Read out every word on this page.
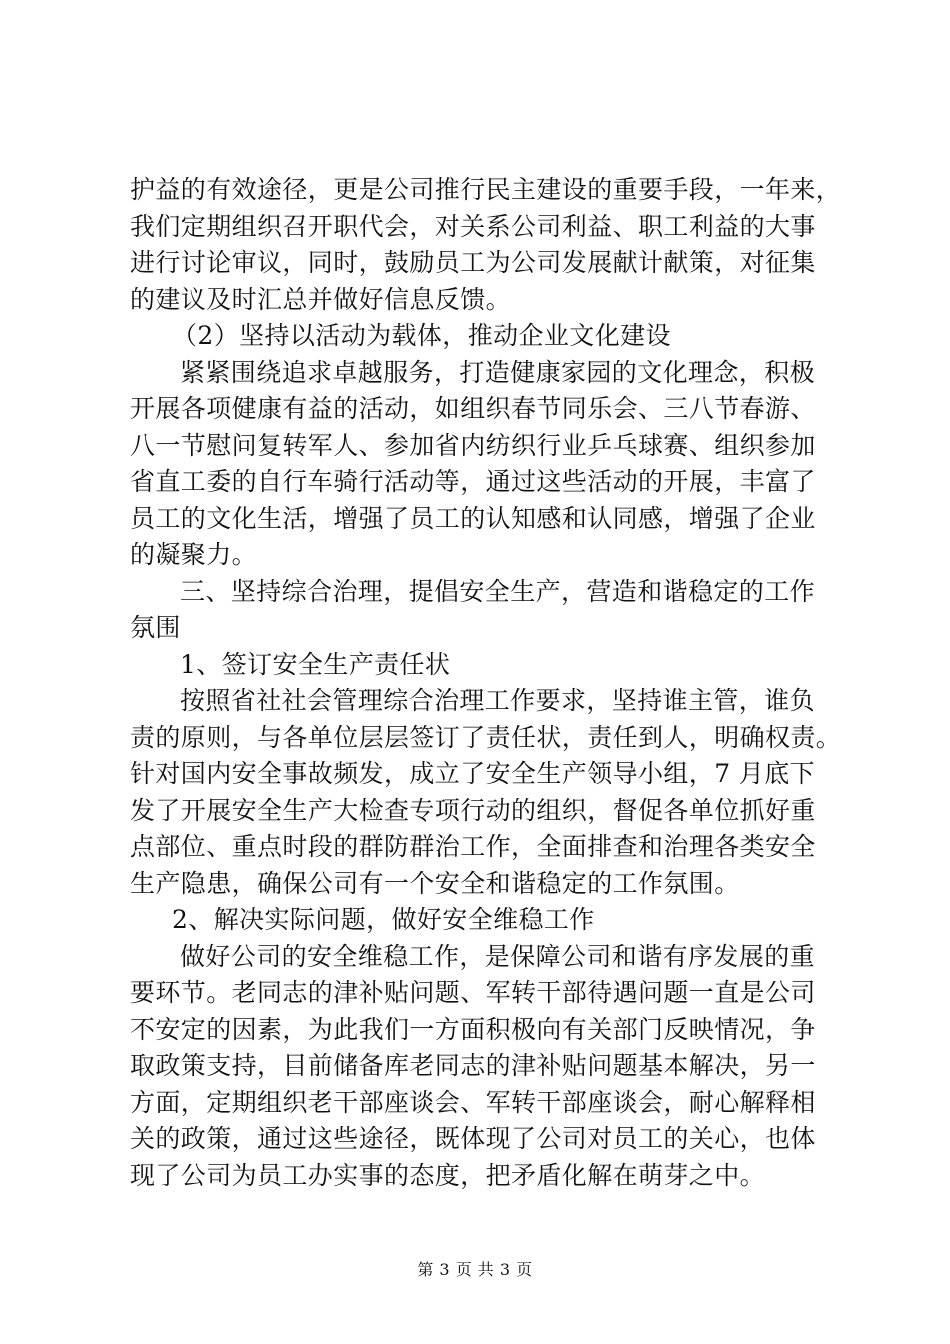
护益的有效途径，更是公司推行民主建设的重要手段，一年来，
我们定期组织召开职代会，对关系公司利益、职工利益的大事
进行讨论审议，同时，鼓励员工为公司发展献计献策，对征集
的建议及时汇总并做好信息反馈。
（2）坚持以活动为载体，推动企业文化建设
紧紧围绕追求卓越服务，打造健康家园的文化理念，积极
开展各项健康有益的活动，如组织春节同乐会、三八节春游、
八一节慰问复转军人、参加省内纺织行业乒乓球赛、组织参加
省直工委的自行车骑行活动等，通过这些活动的开展，丰富了
员工的文化生活，增强了员工的认知感和认同感，增强了企业
的凝聚力。
三、坚持综合治理，提倡安全生产，营造和谐稳定的工作
氛围
1、签订安全生产责任状
按照省社社会管理综合治理工作要求，坚持谁主管，谁负
责的原则，与各单位层层签订了责任状，责任到人，明确权责。
针对国内安全事故频发，成立了安全生产领导小组，7 月底下
发了开展安全生产大检查专项行动的组织，督促各单位抓好重
点部位、重点时段的群防群治工作，全面排查和治理各类安全
生产隐患，确保公司有一个安全和谐稳定的工作氛围。
2、解决实际问题，做好安全维稳工作
做好公司的安全维稳工作，是保障公司和谐有序发展的重
要环节。老同志的津补贴问题、军转干部待遇问题一直是公司
不安定的因素，为此我们一方面积极向有关部门反映情况，争
取政策支持，目前储备库老同志的津补贴问题基本解决，另一
方面，定期组织老干部座谈会、军转干部座谈会，耐心解释相
关的政策，通过这些途径，既体现了公司对员工的关心，也体
现了公司为员工办实事的态度，把矛盾化解在萌芽之中。
第 3 页 共 3 页
